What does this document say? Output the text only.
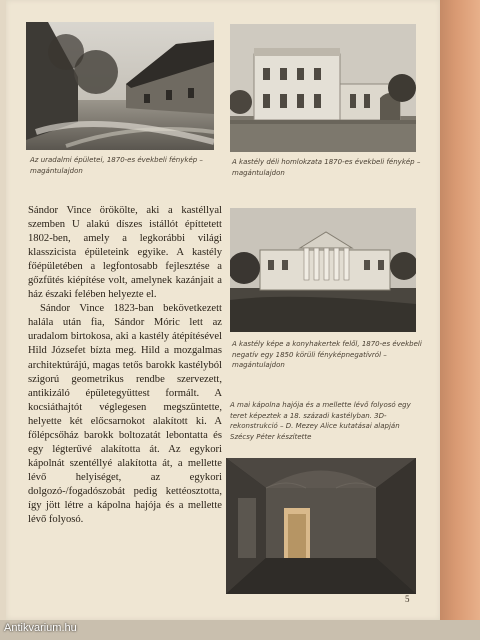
Az uradalmi épületei, 1870-es évekbeli fénykép – magántulajdon
A kastély déli homlokzata 1870-es évekbeli fénykép – magántulajdon
A kastély képe a konyhakertek felől, 1870-es évekbeli negatív egy 1850 körüli fényképnegatívról – magántulajdon
A mai kápolna hajója és a mellette lévő folyosó egy teret képeztek a 18. századi kastélyban. 3D-rekonstrukció – D. Mezey Alice kutatásai alapján Szécsy Péter készítette

Sándor Vince örökölte, aki a kastéllyal szemben U alakú díszes istállót építtetett 1802-ben, amely a legkorábbi világi klasszicista épületeink egyike. A kastély főépületében a legfontosabb fejlesztése a gőzfűtés kiépítése volt, amelynek kazánjait a ház északi felében helyezte el.

Sándor Vince 1823-ban bekövetkezett halála után fia, Sándor Móric lett az uradalom birtokosa, aki a kastély átépítésével Hild Józsefet bízta meg. Hild a mozgalmas architektúrájú, magas tetős barokk kastélyból szigorú geometrikus rendbe szervezett, antikizáló épületegyüttest formált. A kocsiáthajtót véglegesen megszüntette, helyette két előcsarnokot alakított ki. A főlépcsőház barokk boltozatát lebontatta és egy légterűvé alakította át. Az egykori kápolnát szentéllyé alakította át, a mellette lévő helyiséget, az egykori dolgozó-/fogadószobát pedig kettéosztotta, így jött létre a kápolna hajója és a mellette lévő folyosó.

5
Antikvarium.hu
